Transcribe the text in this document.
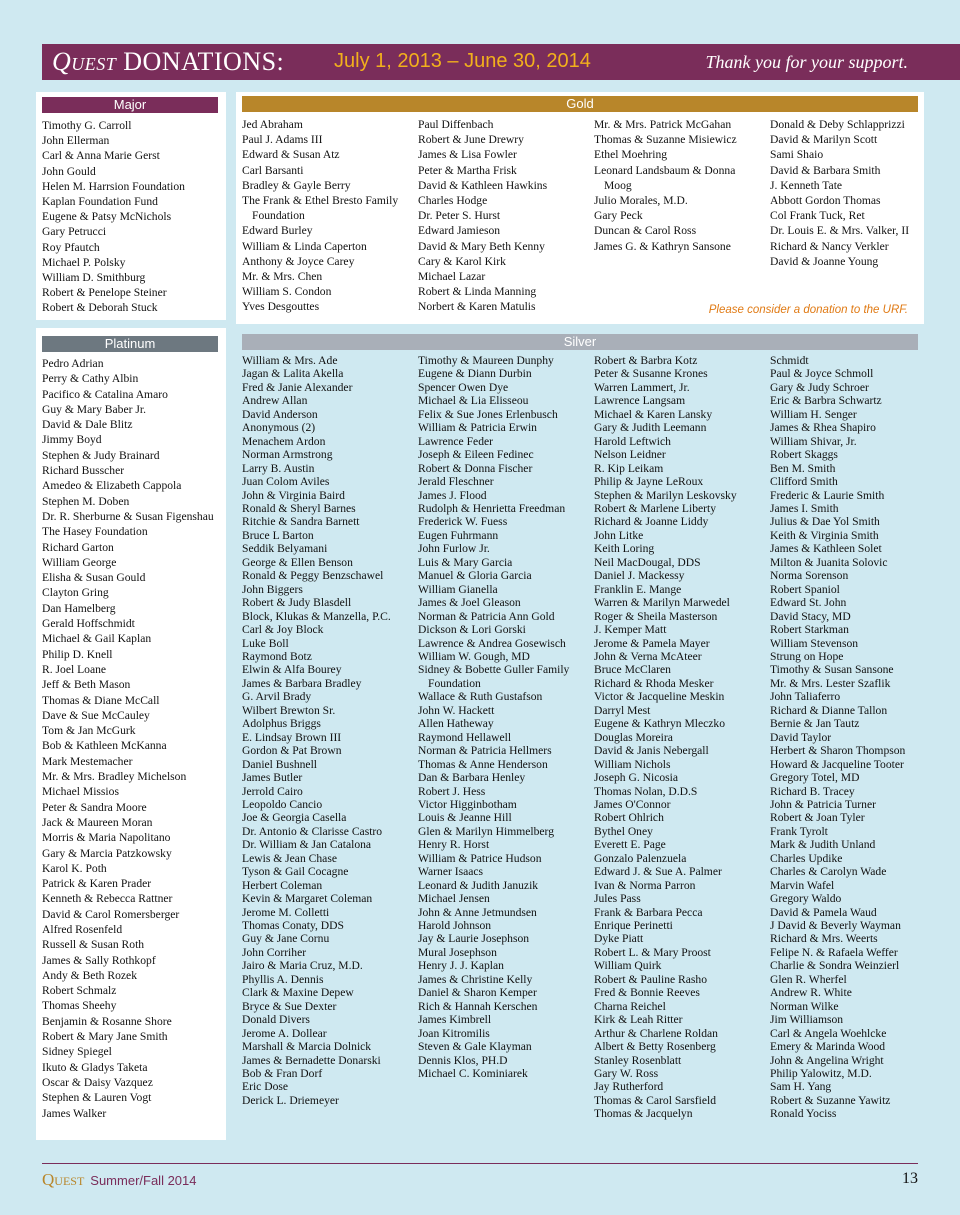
Quest DONATIONS: July 1, 2013 – June 30, 2014	Thank you for your support.
Major
Timothy G. Carroll
John Ellerman
Carl & Anna Marie Gerst
John Gould
Helen M. Harrsion Foundation
Kaplan Foundation Fund
Eugene & Patsy McNichols
Gary Petrucci
Roy Pfautch
Michael P. Polsky
William D. Smithburg
Robert & Penelope Steiner
Robert & Deborah Stuck
Gold
Jed Abraham
Paul J. Adams III
Edward & Susan Atz
Carl Barsanti
Bradley & Gayle Berry
The Frank & Ethel Bresto Family Foundation
Edward Burley
William & Linda Caperton
Anthony & Joyce Carey
Mr. & Mrs. Chen
William S. Condon
Yves Desgouttes
Paul Diffenbach
Robert & June Drewry
James & Lisa Fowler
Peter & Martha Frisk
David & Kathleen Hawkins
Charles Hodge
Dr. Peter S. Hurst
Edward Jamieson
David & Mary Beth Kenny
Cary & Karol Kirk
Michael Lazar
Robert & Linda Manning
Norbert & Karen Matulis
Mr. & Mrs. Patrick McGahan
Thomas & Suzanne Misiewicz
Ethel Moehring
Leonard Landsbaum & Donna Moog
Julio Morales, M.D.
Gary Peck
Duncan & Carol Ross
James G. & Kathryn Sansone
Donald & Deby Schlapprizzi
David & Marilyn Scott
Sami Shaio
David & Barbara Smith
J. Kenneth Tate
Abbott Gordon Thomas
Col Frank Tuck, Ret
Dr. Louis E. & Mrs. Valker, II
Richard & Nancy Verkler
David & Joanne Young
Please consider a donation to the URF.
Platinum
Pedro Adrian
Perry & Cathy Albin
Pacifico & Catalina Amaro
Guy & Mary Baber Jr.
David & Dale Blitz
Jimmy Boyd
Stephen & Judy Brainard
Richard Busscher
Amedeo & Elizabeth Cappola
Stephen M. Doben
Dr. R. Sherburne & Susan Figenshau
The Hasey Foundation
Richard Garton
William George
Elisha & Susan Gould
Clayton Gring
Dan Hamelberg
Gerald Hoffschmidt
Michael & Gail Kaplan
Philip D. Knell
R. Joel Loane
Jeff & Beth Mason
Thomas & Diane McCall
Dave & Sue McCauley
Tom & Jan McGurk
Bob & Kathleen McKanna
Mark Mestemacher
Mr. & Mrs. Bradley Michelson
Michael Missios
Peter & Sandra Moore
Jack & Maureen Moran
Morris & Maria Napolitano
Gary & Marcia Patzkowsky
Karol K. Poth
Patrick & Karen Prader
Kenneth & Rebecca Rattner
David & Carol Romersberger
Alfred Rosenfeld
Russell & Susan Roth
James & Sally Rothkopf
Andy & Beth Rozek
Robert Schmalz
Thomas Sheehy
Benjamin & Rosanne Shore
Robert & Mary Jane Smith
Sidney Spiegel
Ikuto & Gladys Taketa
Oscar & Daisy Vazquez
Stephen & Lauren Vogt
James Walker
Silver
William & Mrs. Ade
Jagan & Lalita Akella
Fred & Janie Alexander
Andrew Allan
David Anderson
Anonymous (2)
Menachem Ardon
Norman Armstrong
Larry B. Austin
Juan Colom Aviles
John & Virginia Baird
Ronald & Sheryl Barnes
Ritchie & Sandra Barnett
Bruce L Barton
Seddik Belyamani
George & Ellen Benson
Ronald & Peggy Benzschawel
John Biggers
Robert & Judy Blasdell
Block, Klukas & Manzella, P.C.
Carl & Joy Block
Luke Boll
Raymond Botz
Elwin & Alfa Bourey
James & Barbara Bradley
G. Arvil Brady
Wilbert Brewton Sr.
Adolphus Briggs
E. Lindsay Brown III
Gordon & Pat Brown
Daniel Bushnell
James Butler
Jerrold Cairo
Leopoldo Cancio
Joe & Georgia Casella
Dr. Antonio & Clarisse Castro
Dr. William & Jan Catalona
Lewis & Jean Chase
Tyson & Gail Cocagne
Herbert Coleman
Kevin & Margaret Coleman
Jerome M. Colletti
Thomas Conaty, DDS
Guy & Jane Cornu
John Corriher
Jairo & Maria Cruz, M.D.
Phyllis A. Dennis
Clark & Maxine Depew
Bryce & Sue Dexter
Donald Divers
Jerome A. Dollear
Marshall & Marcia Dolnick
James & Bernadette Donarski
Bob & Fran Dorf
Eric Dose
Derick L. Driemeyer
Timothy & Maureen Dunphy
Eugene & Diann Durbin
Spencer Owen Dye
Michael & Lia Elisseou
Felix & Sue Jones Erlenbusch
William & Patricia Erwin
Lawrence Feder
Joseph & Eileen Fedinec
Robert & Donna Fischer
Jerald Fleschner
James J. Flood
Rudolph & Henrietta Freedman
Frederick W. Fuess
Eugen Fuhrmann
John Furlow Jr.
Luis & Mary Garcia
Manuel & Gloria Garcia
William Gianella
James & Joel Gleason
Norman & Patricia Ann Gold
Dickson & Lori Gorski
Lawrence & Andrea Gosewisch
William W. Gough, MD
Sidney & Bobette Guller Family Foundation
Wallace & Ruth Gustafson
John W. Hackett
Allen Hatheway
Raymond Hellawell
Norman & Patricia Hellmers
Thomas & Anne Henderson
Dan & Barbara Henley
Robert J. Hess
Victor Higginbotham
Louis & Jeanne Hill
Glen & Marilyn Himmelberg
Henry R. Horst
William & Patrice Hudson
Warner Isaacs
Leonard & Judith Januzik
Michael Jensen
John & Anne Jetmundsen
Harold Johnson
Jay & Laurie Josephson
Mural Josephson
Henry J. J. Kaplan
James & Christine Kelly
Daniel & Sharon Kemper
Rich & Hannah Kerschen
James Kimbrell
Joan Kitromilis
Steven & Gale Klayman
Dennis Klos, PH.D
Michael C. Kominiarek
Robert & Barbra Kotz
Peter & Susanne Krones
Warren Lammert, Jr.
Lawrence Langsam
Michael & Karen Lansky
Gary & Judith Leemann
Harold Leftwich
Nelson Leidner
R. Kip Leikam
Philip & Jayne LeRoux
Stephen & Marilyn Leskovsky
Robert & Marlene Liberty
Richard & Joanne Liddy
John Litke
Keith Loring
Neil MacDougal, DDS
Daniel J. Mackessy
Franklin E. Mange
Warren & Marilyn Marwedel
Roger & Sheila Masterson
J. Kemper Matt
Jerome & Pamela Mayer
John & Verna McAteer
Bruce McClaren
Richard & Rhoda Mesker
Victor & Jacqueline Meskin
Darryl Mest
Eugene & Kathryn Mleczko
Douglas Moreira
David & Janis Nebergall
William Nichols
Joseph G. Nicosia
Thomas Nolan, D.D.S
James O'Connor
Robert Ohlrich
Bythel Oney
Everett E. Page
Gonzalo Palenzuela
Edward J. & Sue A. Palmer
Ivan & Norma Parron
Jules Pass
Frank & Barbara Pecca
Enrique Perinetti
Dyke Piatt
Robert L. & Mary Proost
William Quirk
Robert & Pauline Rasho
Fred & Bonnie Reeves
Charna Reichel
Kirk & Leah Ritter
Arthur & Charlene Roldan
Albert & Betty Rosenberg
Stanley Rosenblatt
Gary W. Ross
Jay Rutherford
Thomas & Carol Sarsfield
Thomas & Jacquelyn
Schmidt
Paul & Joyce Schmoll
Gary & Judy Schroer
Eric & Barbra Schwartz
William H. Senger
James & Rhea Shapiro
William Shivar, Jr.
Robert Skaggs
Ben M. Smith
Clifford Smith
Frederic & Laurie Smith
James I. Smith
Julius & Dae Yol Smith
Keith & Virginia Smith
James & Kathleen Solet
Milton & Juanita Solovic
Norma Sorenson
Robert Spaniol
Edward St. John
David Stacy, MD
Robert Starkman
William Stevenson
Strung on Hope
Timothy & Susan Sansone
Mr. & Mrs. Lester Szaflik
John Taliaferro
Richard & Dianne Tallon
Bernie & Jan Tautz
David Taylor
Herbert & Sharon Thompson
Howard & Jacqueline Tooter
Gregory Totel, MD
Richard B. Tracey
John & Patricia Turner
Robert & Joan Tyler
Frank Tyrolt
Mark & Judith Unland
Charles Updike
Charles & Carolyn Wade
Marvin Wafel
Gregory Waldo
David & Pamela Waud
J David & Beverly Wayman
Richard & Mrs. Weerts
Felipe N. & Rafaela Weffer
Charlie & Sondra Weinzierl
Glen R. Wherfel
Andrew R. White
Norman Wilke
Jim Williamson
Carl & Angela Woehlcke
Emery & Marinda Wood
John & Angelina Wright
Philip Yalowitz, M.D.
Sam H. Yang
Robert & Suzanne Yawitz
Ronald Yociss
Quest Summer/Fall 2014	13
